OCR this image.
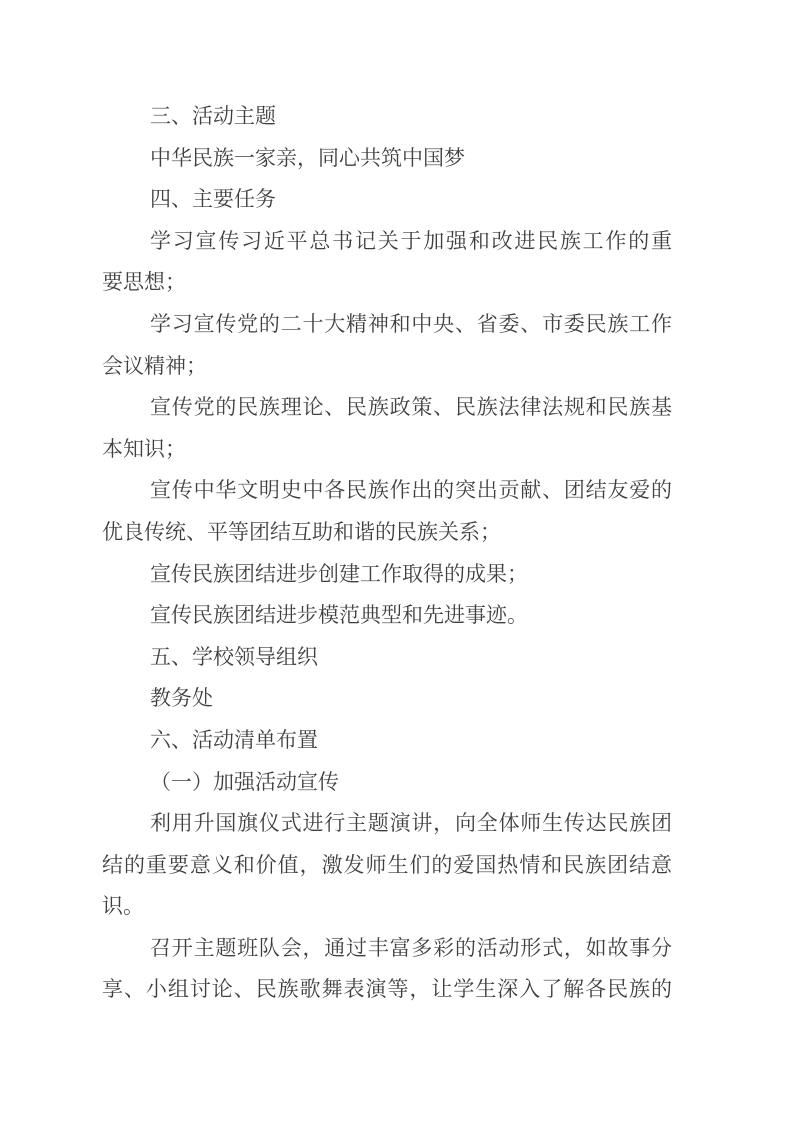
三、活动主题
中华民族一家亲，同心共筑中国梦
四、主要任务
学习宣传习近平总书记关于加强和改进民族工作的重
要思想；
学习宣传党的二十大精神和中央、省委、市委民族工作
会议精神；
宣传党的民族理论、民族政策、民族法律法规和民族基
本知识；
宣传中华文明史中各民族作出的突出贡献、团结友爱的
优良传统、平等团结互助和谐的民族关系；
宣传民族团结进步创建工作取得的成果；
宣传民族团结进步模范典型和先进事迹。
五、学校领导组织
教务处
六、活动清单布置
（一）加强活动宣传
利用升国旗仪式进行主题演讲，向全体师生传达民族团
结的重要意义和价值，激发师生们的爱国热情和民族团结意
识。
召开主题班队会，通过丰富多彩的活动形式，如故事分
享、小组讨论、民族歌舞表演等，让学生深入了解各民族的
